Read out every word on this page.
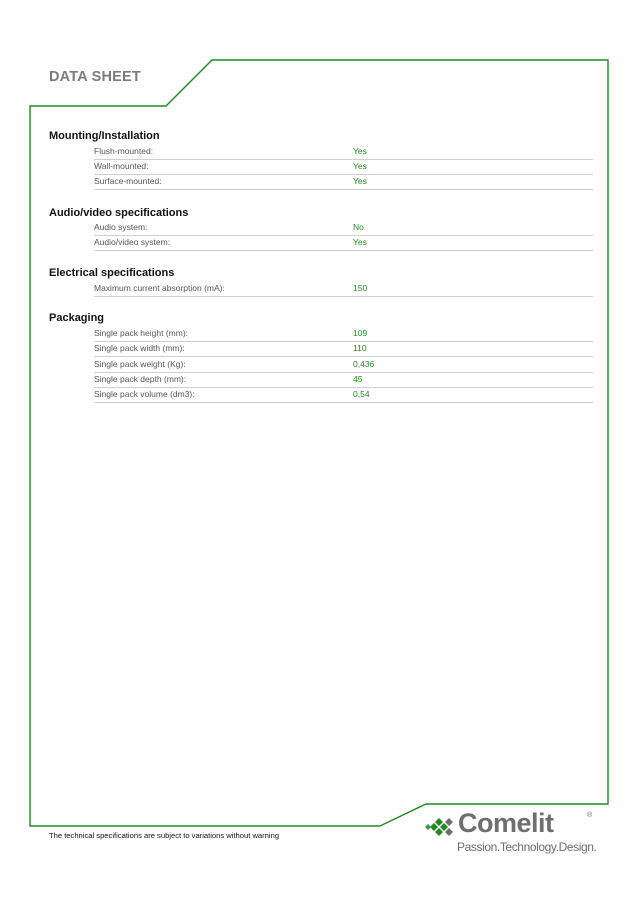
DATA SHEET
Mounting/Installation
Flush-mounted:	Yes
Wall-mounted:	Yes
Surface-mounted:	Yes
Audio/video specifications
Audio system:	No
Audio/video system:	Yes
Electrical specifications
Maximum current absorption (mA):	150
Packaging
Single pack height (mm):	109
Single pack width (mm):	110
Single pack weight (Kg):	0,436
Single pack depth (mm):	45
Single pack volume (dm3):	0,54
The technical specifications are subject to variations without warning	Comelit	®
Passion.Technology.Design.
